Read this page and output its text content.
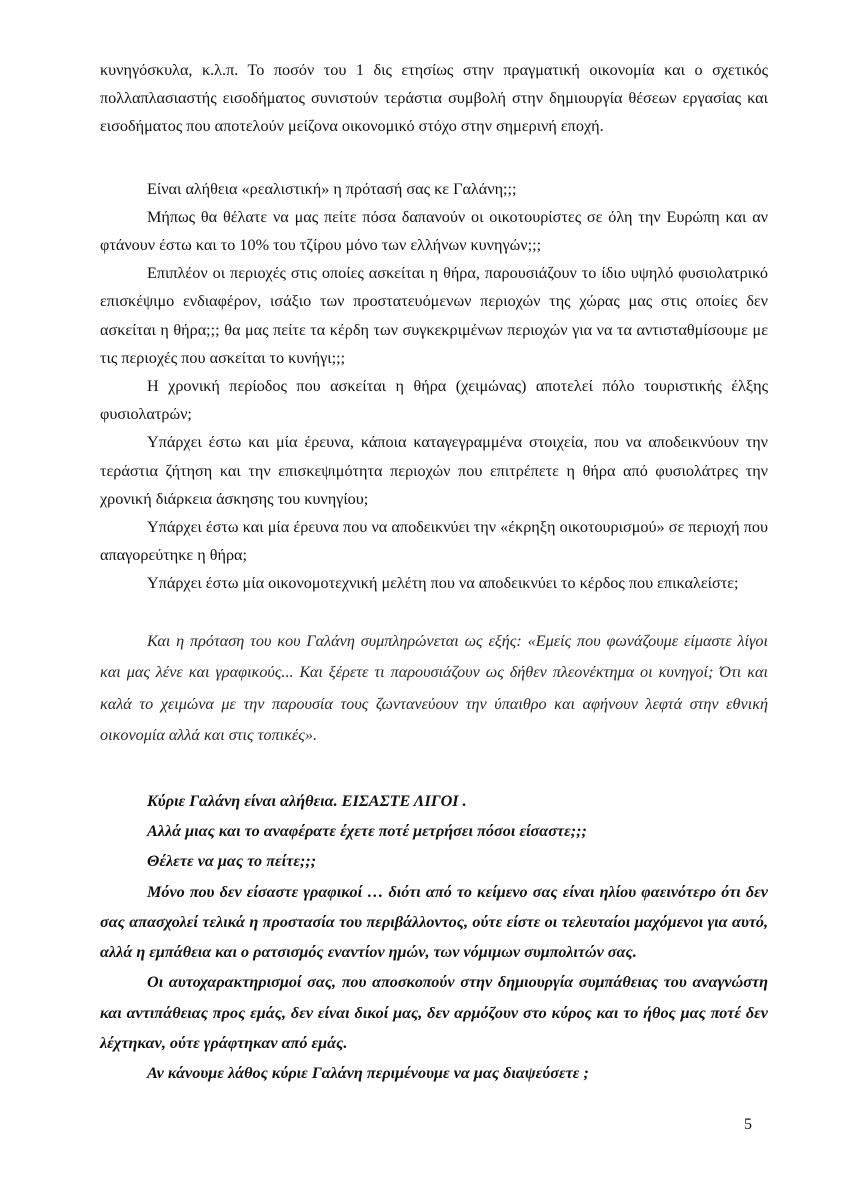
κυνηγόσκυλα, κ.λ.π. Το ποσόν του 1 δις ετησίως στην πραγματική οικονομία και ο σχετικός πολλαπλασιαστής εισοδήματος συνιστούν τεράστια συμβολή στην δημιουργία θέσεων εργασίας και εισοδήματος που αποτελούν μείζονα οικονομικό στόχο στην σημερινή εποχή.

Είναι αλήθεια «ρεαλιστική» η πρότασή σας κε Γαλάνη;;;

Μήπως θα θέλατε να μας πείτε πόσα δαπανούν οι οικοτουρίστες σε όλη την Ευρώπη και αν φτάνουν έστω και το 10% του τζίρου μόνο των ελλήνων κυνηγών;;;

Επιπλέον οι περιοχές στις οποίες ασκείται η θήρα, παρουσιάζουν το ίδιο υψηλό φυσιολατρικό επισκέψιμο ενδιαφέρον, ισάξιο των προστατευόμενων περιοχών της χώρας μας στις οποίες δεν ασκείται η θήρα;;; θα μας πείτε τα κέρδη των συγκεκριμένων περιοχών για να τα αντισταθμίσουμε με τις περιοχές που ασκείται το κυνήγι;;;

Η χρονική περίοδος που ασκείται η θήρα (χειμώνας) αποτελεί πόλο τουριστικής έλξης φυσιολατρών;

Υπάρχει έστω και μία έρευνα, κάποια καταγεγραμμένα στοιχεία, που να αποδεικνύουν την τεράστια ζήτηση και την επισκεψιμότητα περιοχών που επιτρέπετε η θήρα από φυσιολάτρες την χρονική διάρκεια άσκησης του κυνηγίου;

Υπάρχει έστω και μία έρευνα που να αποδεικνύει την «έκρηξη οικοτουρισμού» σε περιοχή που απαγορεύτηκε η θήρα;

Υπάρχει έστω μία οικονομοτεχνική μελέτη που να αποδεικνύει το κέρδος που επικαλείστε;

Και η πρόταση του κου Γαλάνη συμπληρώνεται ως εξής: «Εμείς που φωνάζουμε είμαστε λίγοι και μας λένε και γραφικούς... Και ξέρετε τι παρουσιάζουν ως δήθεν πλεονέκτημα οι κυνηγοί; Ότι και καλά το χειμώνα με την παρουσία τους ζωντανεύουν την ύπαιθρο και αφήνουν λεφτά στην εθνική οικονομία αλλά και στις τοπικές».

Κύριε Γαλάνη είναι αλήθεια. ΕΙΣΑΣΤΕ ΛΙΓΟΙ .

Αλλά μιας και το αναφέρατε έχετε ποτέ μετρήσει πόσοι είσαστε;;;

Θέλετε να μας το πείτε;;;

Μόνο που δεν είσαστε γραφικοί … διότι από το κείμενο σας είναι ηλίου φαεινότερο ότι δεν σας απασχολεί τελικά η προστασία του περιβάλλοντος, ούτε είστε οι τελευταίοι μαχόμενοι για αυτό, αλλά η εμπάθεια και ο ρατσισμός εναντίον ημών, των νόμιμων συμπολιτών σας.

Οι αυτοχαρακτηρισμοί σας, που αποσκοπούν στην δημιουργία συμπάθειας του αναγνώστη και αντιπάθειας προς εμάς, δεν είναι δικοί μας, δεν αρμόζουν στο κύρος και το ήθος μας ποτέ δεν λέχτηκαν, ούτε γράφτηκαν από εμάς.

Αν κάνουμε λάθος κύριε Γαλάνη περιμένουμε να μας διαψεύσετε ;

5
